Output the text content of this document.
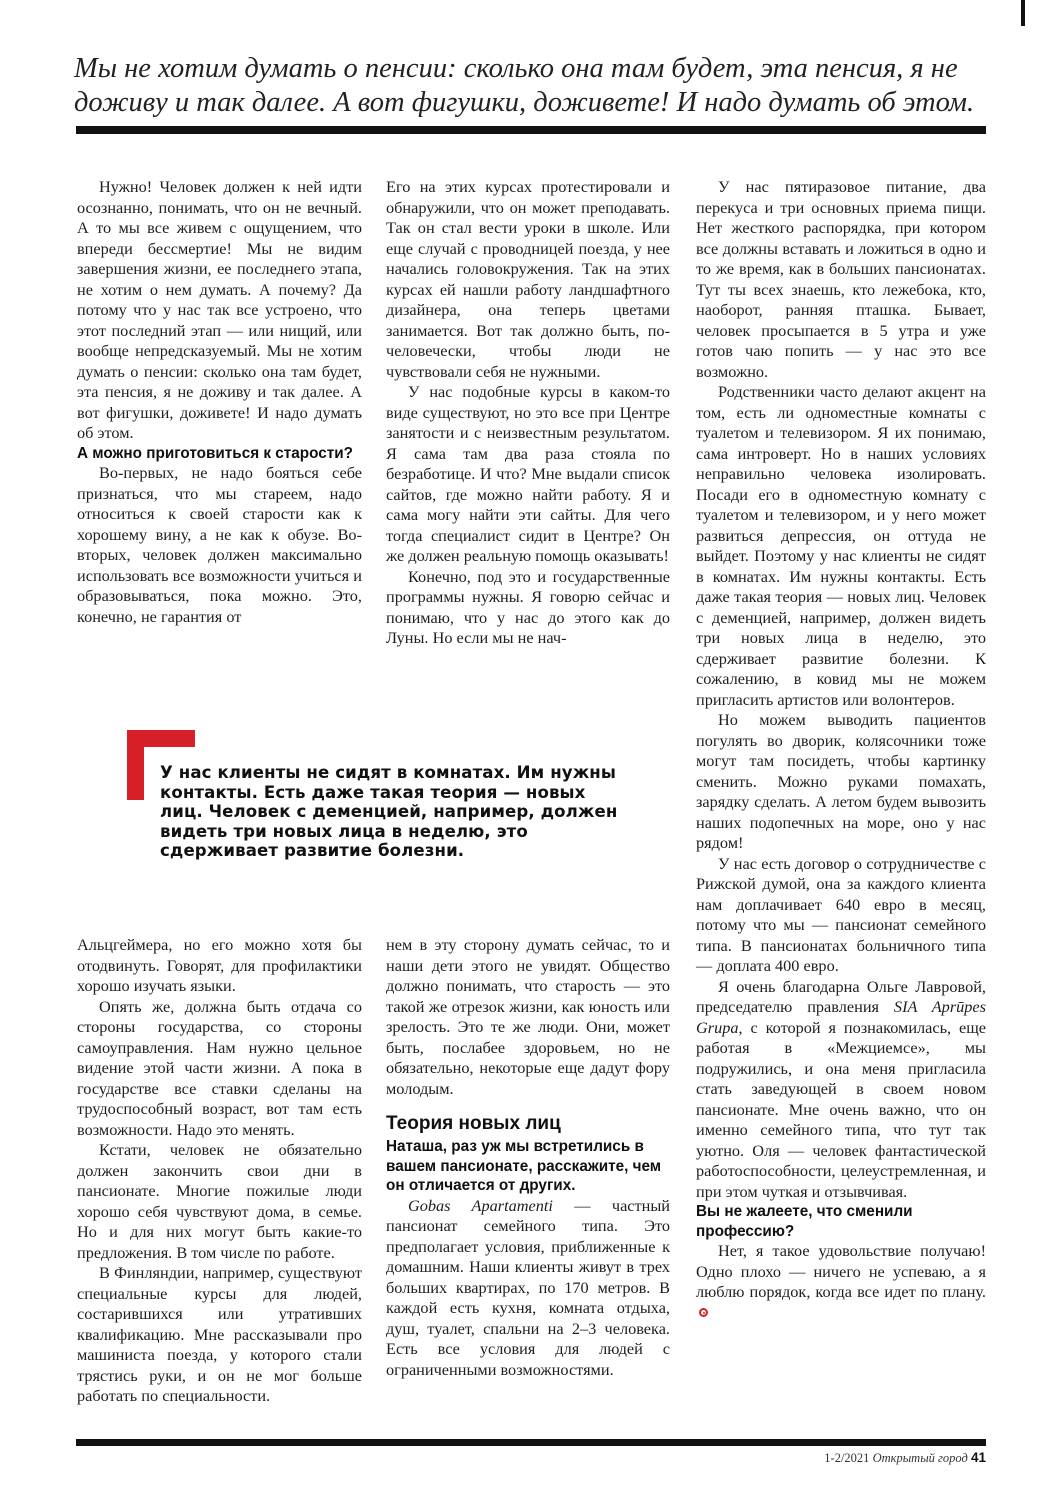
Мы не хотим думать о пенсии: сколько она там будет, эта пенсия, я не доживу и так далее. А вот фигушки, доживете! И надо думать об этом.

Нужно! Человек должен к ней идти осознанно, понимать, что он не вечный. А то мы все живем с ощущением, что впереди бессмертие! Мы не видим завершения жизни, ее последнего этапа, не хотим о нем думать. А почему? Да потому что у нас так все устроено, что этот последний этап — или нищий, или вообще непредсказуемый. Мы не хотим думать о пенсии: сколько она там будет, эта пенсия, я не доживу и так далее. А вот фигушки, доживете! И надо думать об этом.

А можно приготовиться к старости?

Во-первых, не надо бояться себе признаться, что мы стареем, надо относиться к своей старости как к хорошему вину, а не как к обузе. Во-вторых, человек должен максимально использовать все возможности учиться и образовываться, пока можно. Это, конечно, не гарантия от

Его на этих курсах протестировали и обнаружили, что он может преподавать. Так он стал вести уроки в школе. Или еще случай с проводницей поезда, у нее начались головокружения. Так на этих курсах ей нашли работу ландшафтного дизайнера, она теперь цветами занимается. Вот так должно быть, по-человечески, чтобы люди не чувствовали себя не нужными.

У нас подобные курсы в каком-то виде существуют, но это все при Центре занятости и с неизвестным результатом. Я сама там два раза стояла по безработице. И что? Мне выдали список сайтов, где можно найти работу. Я и сама могу найти эти сайты. Для чего тогда специалист сидит в Центре? Он же должен реальную помощь оказывать!

Конечно, под это и государственные программы нужны. Я говорю сейчас и понимаю, что у нас до этого как до Луны. Но если мы не нач-

У нас пятиразовое питание, два перекуса и три основных приема пищи. Нет жесткого распорядка, при котором все должны вставать и ложиться в одно и то же время, как в больших пансионатах. Тут ты всех знаешь, кто лежебока, кто, наоборот, ранняя пташка. Бывает, человек просыпается в 5 утра и уже готов чаю попить — у нас это все возможно.

Родственники часто делают акцент на том, есть ли одноместные комнаты с туалетом и телевизором. Я их понимаю, сама интроверт. Но в наших условиях неправильно человека изолировать. Посади его в одноместную комнату с туалетом и телевизором, и у него может развиться депрессия, он оттуда не выйдет. Поэтому у нас клиенты не сидят в комнатах. Им нужны контакты. Есть даже такая теория — новых лиц. Человек с деменцией, например, должен видеть три новых лица в неделю, это сдерживает развитие болезни. К сожалению, в ковид мы не можем пригласить артистов или волонтеров.

Но можем выводить пациентов погулять во дворик, колясочники тоже могут там посидеть, чтобы картинку сменить. Можно руками помахать, зарядку сделать. А летом будем вывозить наших подопечных на море, оно у нас рядом!

У нас есть договор о сотрудничестве с Рижской думой, она за каждого клиента нам доплачивает 640 евро в месяц, потому что мы — пансионат семейного типа. В пансионатах больничного типа — доплата 400 евро.

Я очень благодарна Ольге Лавровой, председателю правления SIA Aprūpes Grupa, с которой я познакомилась, еще работая в «Межциемсе», мы подружились, и она меня пригласила стать заведующей в своем новом пансионате. Мне очень важно, что он именно семейного типа, что тут так уютно. Оля — человек фантастической работоспособности, целеустремленная, и при этом чуткая и отзывчивая.

Вы не жалеете, что сменили профессию?

Нет, я такое удовольствие получаю! Одно плохо — ничего не успеваю, а я люблю порядок, когда все идет по плану.

У нас клиенты не сидят в комнатах. Им нужны контакты. Есть даже такая теория — новых лиц. Человек с деменцией, например, должен видеть три новых лица в неделю, это сдерживает развитие болезни.

Альцгеймера, но его можно хотя бы отодвинуть. Говорят, для профилактики хорошо изучать языки.

Опять же, должна быть отдача со стороны государства, со стороны самоуправления. Нам нужно цельное видение этой части жизни. А пока в государстве все ставки сделаны на трудоспособный возраст, вот там есть возможности. Надо это менять.

Кстати, человек не обязательно должен закончить свои дни в пансионате. Многие пожилые люди хорошо себя чувствуют дома, в семье. Но и для них могут быть какие-то предложения. В том числе по работе.

В Финляндии, например, существуют специальные курсы для людей, состарившихся или утративших квалификацию. Мне рассказывали про машиниста поезда, у которого стали трястись руки, и он не мог больше работать по специальности.

нем в эту сторону думать сейчас, то и наши дети этого не увидят. Общество должно понимать, что старость — это такой же отрезок жизни, как юность или зрелость. Это те же люди. Они, может быть, послабее здоровьем, но не обязательно, некоторые еще дадут фору молодым.

Теория новых лиц
Наташа, раз уж мы встретились в вашем пансионате, расскажите, чем он отличается от других.

Gobas Apartamenti — частный пансионат семейного типа. Это предполагает условия, приближенные к домашним. Наши клиенты живут в трех больших квартирах, по 170 метров. В каждой есть кухня, комната отдыха, душ, туалет, спальни на 2–3 человека. Есть все условия для людей с ограниченными возможностями.

1-2/2021 Открытый город 41
